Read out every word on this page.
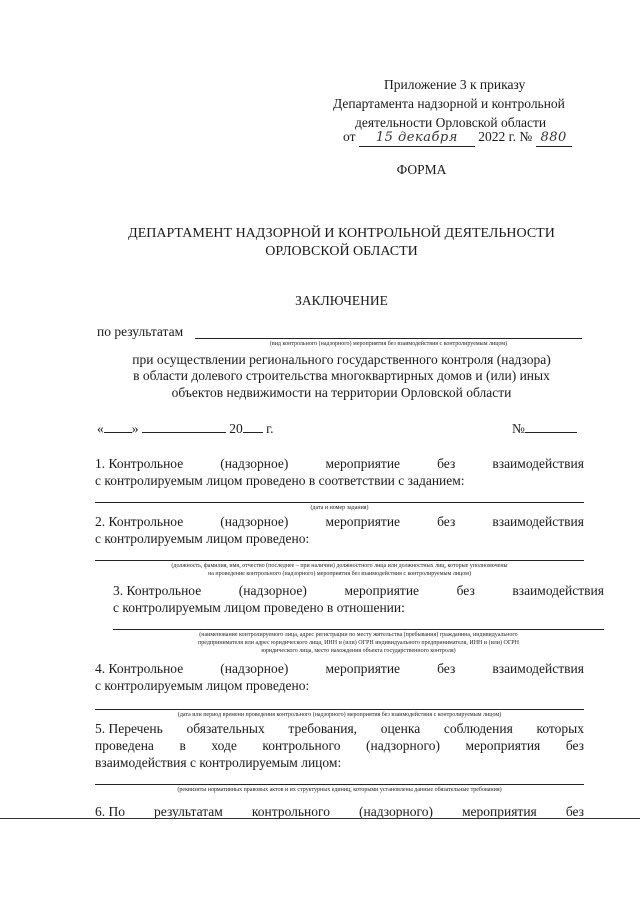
Приложение 3 к приказу
Департамента надзорной и контрольной
деятельности Орловской области
от 15 декабря 2022 г. № 880
ФОРМА
ДЕПАРТАМЕНТ НАДЗОРНОЙ И КОНТРОЛЬНОЙ ДЕЯТЕЛЬНОСТИ
ОРЛОВСКОЙ ОБЛАСТИ
ЗАКЛЮЧЕНИЕ
по результатам
(вид контрольного (надзорного) мероприятия без взаимодействия с контролируемым лицом)
при осуществлении регионального государственного контроля (надзора)
в области долевого строительства многоквартирных домов и (или) иных
объектов недвижимости на территории Орловской области
« »	20 г.	№
1. Контрольное	(надзорное)	мероприятие	без	взаимодействия
с контролируемым лицом проведено в соответствии с заданием:
(дата и номер задания)
2. Контрольное	(надзорное)	мероприятие	без	взаимодействия
с контролируемым лицом проведено:
(должность, фамилия, имя, отчество (последнее – при наличии) должностного лица или должностных лиц, которые уполномочены
на проведение контрольного (надзорного) мероприятия без взаимодействия с контролируемым лицом)
3. Контрольное	(надзорное)	мероприятие	без	взаимодействия
с контролируемым лицом проведено в отношении:
(наименование контролируемого лица, адрес регистрации по месту жительства (пребывания) гражданина, индивидуального
предпринимателя или адрес юридического лица, ИНН и (или) ОГРН индивидуального предпринимателя, ИНН и (или) ОГРН
юридического лица, место нахождения объекта государственного контроля)
4. Контрольное	(надзорное)	мероприятие	без	взаимодействия
с контролируемым лицом проведено:
(дата или период времени проведения контрольного (надзорного) мероприятия без взаимодействия с контролируемым лицом)
5. Перечень обязательных требования, оценка соблюдения которых
проведена в ходе контрольного (надзорного) мероприятия без
взаимодействия с контролируемым лицом:
(реквизиты нормативных правовых актов и их структурных единиц, которыми установлены данные обязательные требования)
6. По результатам контрольного (надзорного) мероприятия без
